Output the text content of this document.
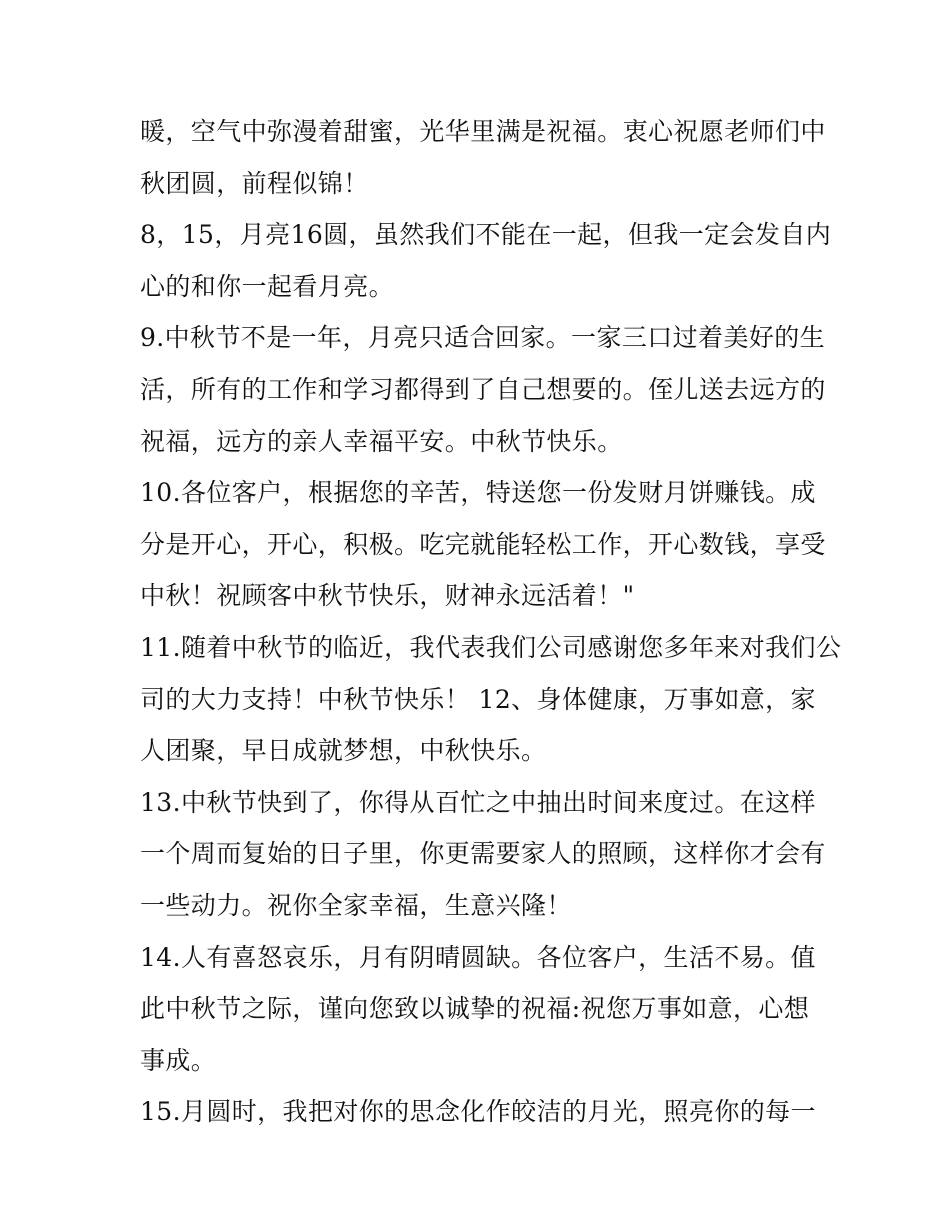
暖，空气中弥漫着甜蜜，光华里满是祝福。衷心祝愿老师们中
秋团圆，前程似锦！
8，15，月亮16圆，虽然我们不能在一起，但我一定会发自内
心的和你一起看月亮。
9.中秋节不是一年，月亮只适合回家。一家三口过着美好的生
活，所有的工作和学习都得到了自己想要的。侄儿送去远方的
祝福，远方的亲人幸福平安。中秋节快乐。
10.各位客户，根据您的辛苦，特送您一份发财月饼赚钱。成
分是开心，开心，积极。吃完就能轻松工作，开心数钱，享受
中秋！祝顾客中秋节快乐，财神永远活着！"
11.随着中秋节的临近，我代表我们公司感谢您多年来对我们公
司的大力支持！中秋节快乐！ 12、身体健康，万事如意，家
人团聚，早日成就梦想，中秋快乐。
13.中秋节快到了，你得从百忙之中抽出时间来度过。在这样
一个周而复始的日子里，你更需要家人的照顾，这样你才会有
一些动力。祝你全家幸福，生意兴隆！
14.人有喜怒哀乐，月有阴晴圆缺。各位客户，生活不易。值
此中秋节之际，谨向您致以诚挚的祝福:祝您万事如意，心想
事成。
15.月圆时，我把对你的思念化作皎洁的月光，照亮你的每一
